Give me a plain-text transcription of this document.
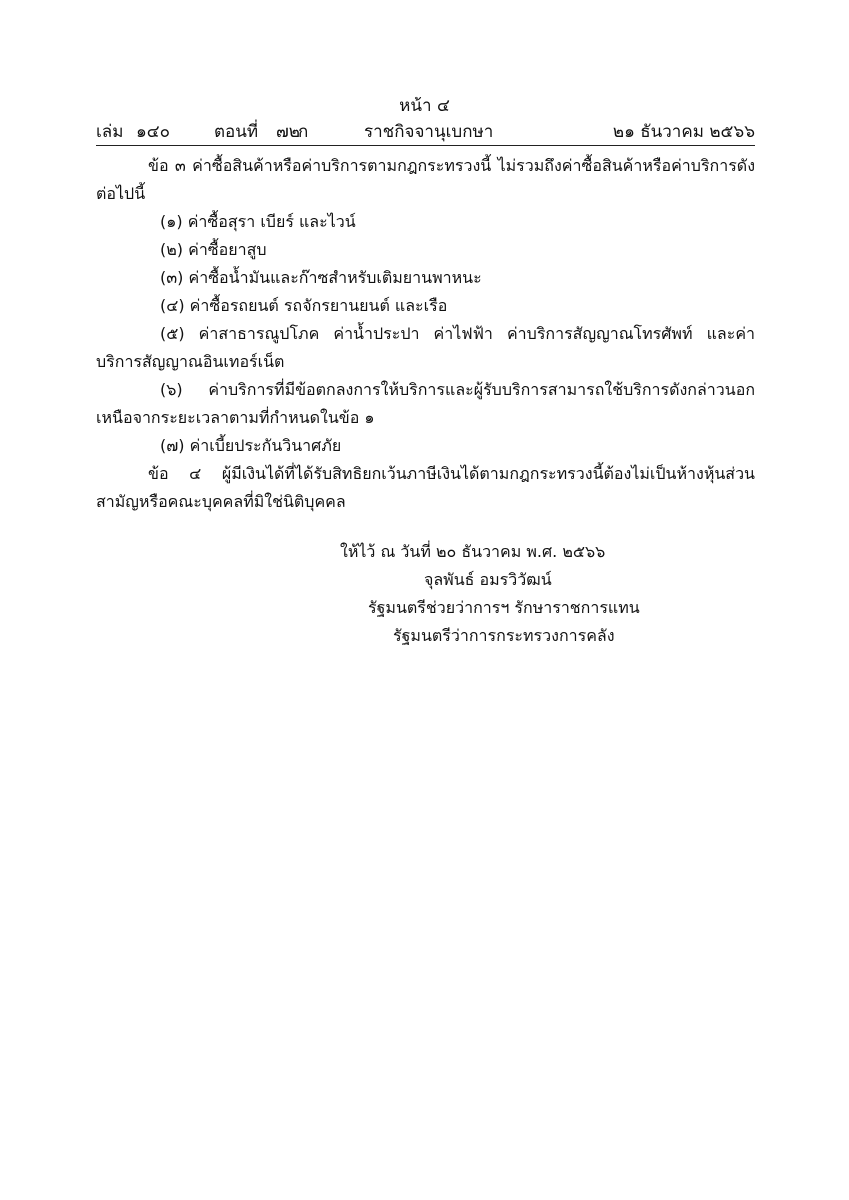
หน้า ๔
เล่ม ๑๔๐	ตอนที่ ๗๒
ก	ราชกิจจานุเบกษา	๒๑ ธันวาคม ๒๕๖๖

ข้อ ๓ ค่าซื้อสินค้าหรือค่าบริการตามกฎกระทรวงนี้ ไม่รวมถึงค่าซื้อสินค้าหรือค่าบริการดังต่อไปนี้

(๑) ค่าซื้อสุรา เบียร์ และไวน์
(๒) ค่าซื้อยาสูบ
(๓) ค่าซื้อน้ำมันและก๊าซสำหรับเติมยานพาหนะ
(๔) ค่าซื้อรถยนต์ รถจักรยานยนต์ และเรือ

(๕) ค่าสาธารณูปโภค ค่าน้ำประปา ค่าไฟฟ้า ค่าบริการสัญญาณโทรศัพท์ และค่าบริการสัญญาณอินเทอร์เน็ต

(๖) ค่าบริการที่มีข้อตกลงการให้บริการและผู้รับบริการสามารถใช้บริการดังกล่าวนอกเหนือจากระยะเวลาตามที่กำหนดในข้อ ๑

(๗) ค่าเบี้ยประกันวินาศภัย

ข้อ ๔ ผู้มีเงินได้ที่ได้รับสิทธิยกเว้นภาษีเงินได้ตามกฎกระทรวงนี้ต้องไม่เป็นห้างหุ้นส่วนสามัญหรือคณะบุคคลที่มิใช่นิติบุคคล

ให้ไว้ ณ วันที่ ๒๐ ธันวาคม พ.ศ. ๒๕๖๖
จุลพันธ์ อมรวิวัฒน์
รัฐมนตรีช่วยว่าการฯ รักษาราชการแทน
รัฐมนตรีว่าการกระทรวงการคลัง
